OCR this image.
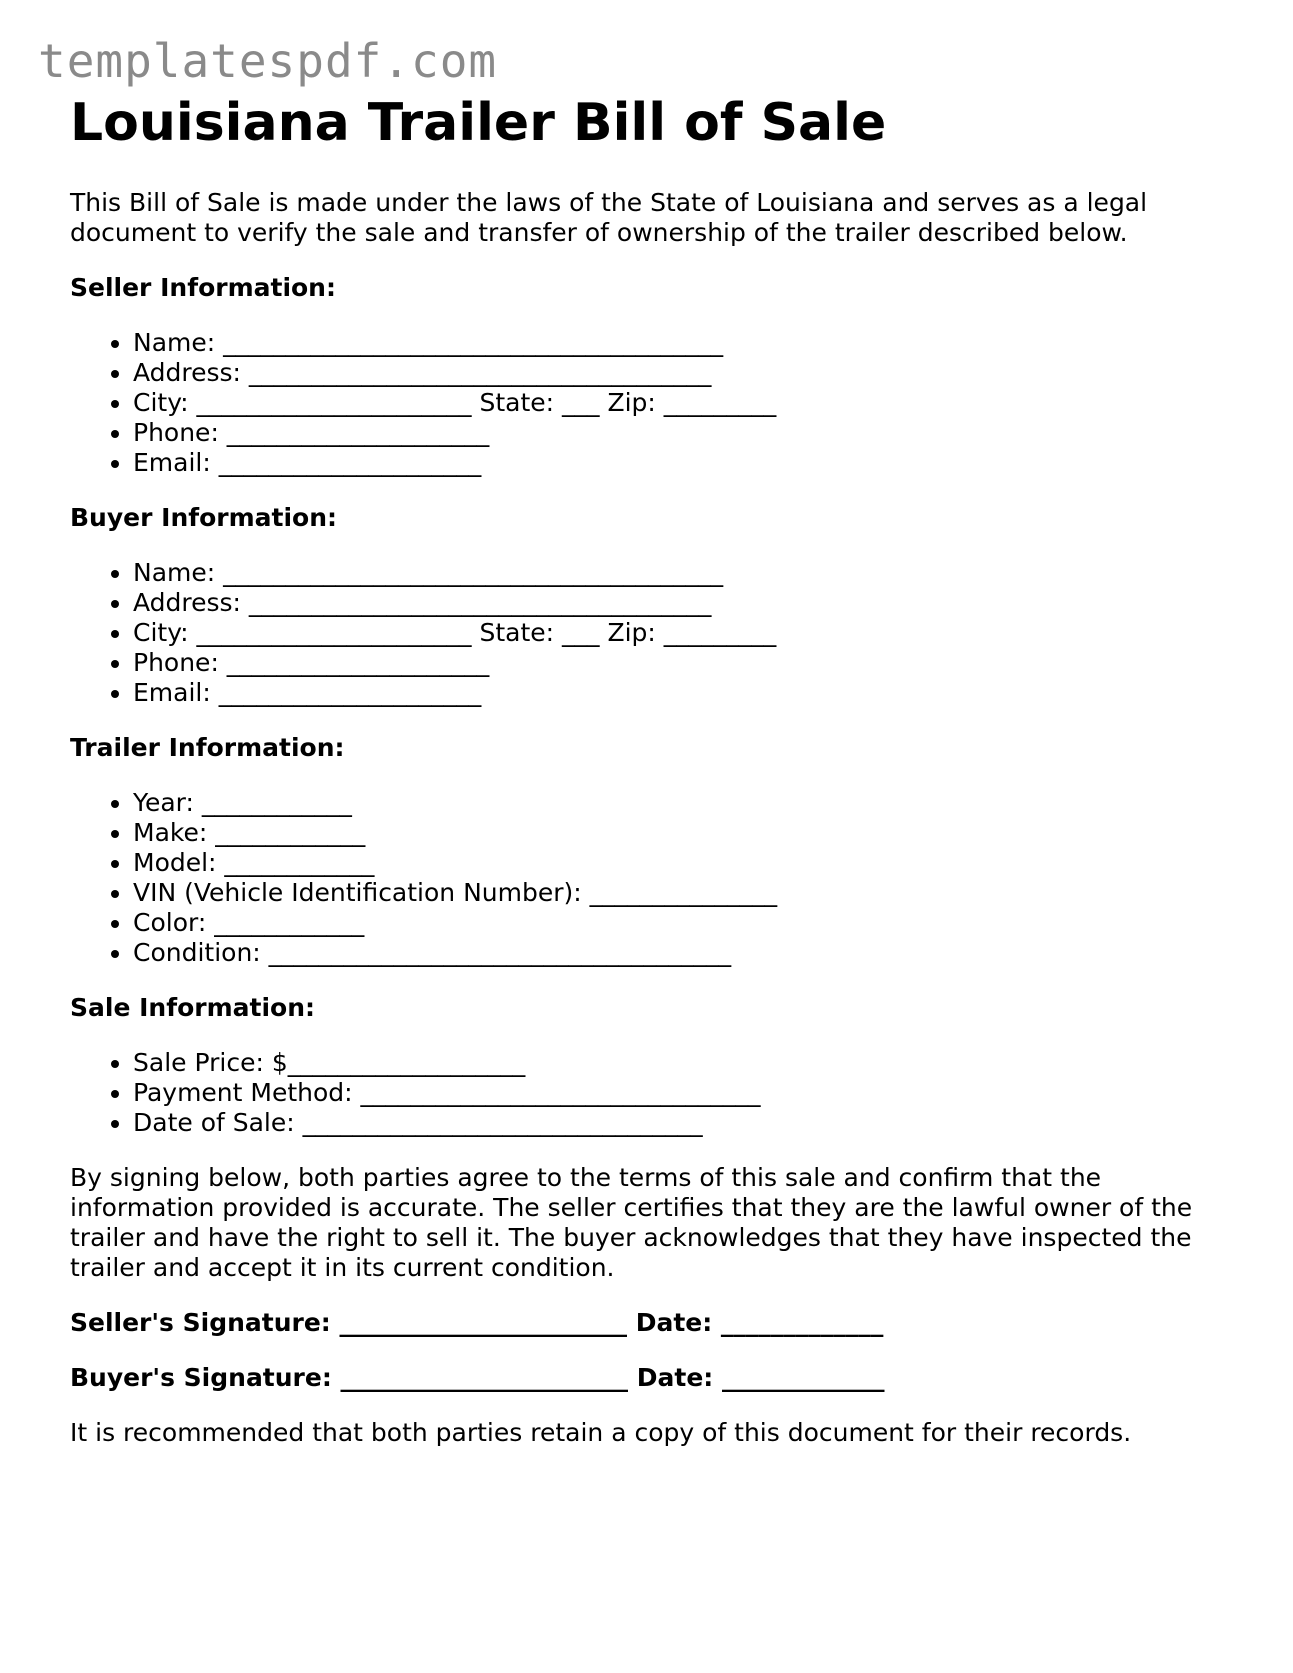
templatespdf.com
Louisiana Trailer Bill of Sale

This Bill of Sale is made under the laws of the State of Louisiana and serves as a legal document to verify the sale and transfer of ownership of the trailer described below.

Seller Information:
• Name: ________________________________________
• Address: _____________________________________
• City: ______________________ State: ___ Zip: _________
• Phone: _____________________
• Email: _____________________
Buyer Information:
• Name: ________________________________________
• Address: _____________________________________
• City: ______________________ State: ___ Zip: _________
• Phone: _____________________
• Email: _____________________
Trailer Information:
• Year: ____________
• Make: ____________
• Model: ____________
• VIN (Vehicle Identification Number): _______________
• Color: ____________
• Condition: _____________________________________
Sale Information:
• Sale Price: $___________________
• Payment Method: ________________________________
• Date of Sale: ________________________________

By signing below, both parties agree to the terms of this sale and confirm that the information provided is accurate. The seller certifies that they are the lawful owner of the trailer and have the right to sell it. The buyer acknowledges that they have inspected the trailer and accept it in its current condition.

Seller's Signature: _______________________ Date: _____________
Buyer's Signature: _______________________ Date: _____________

It is recommended that both parties retain a copy of this document for their records.
